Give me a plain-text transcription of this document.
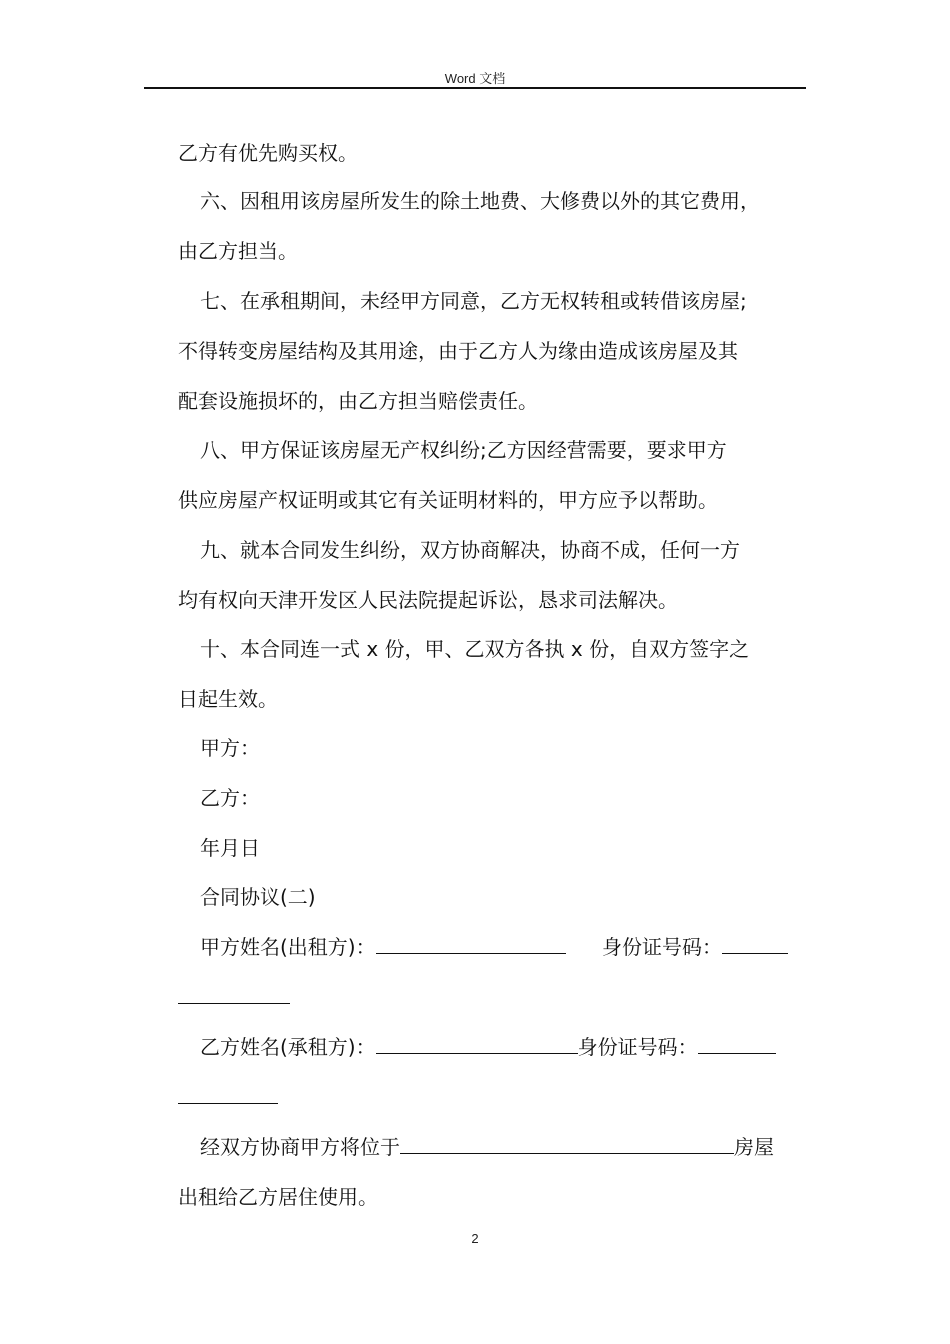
Word 文档
乙方有优先购买权。
六、因租用该房屋所发生的除土地费、大修费以外的其它费用，
由乙方担当。
七、在承租期间，未经甲方同意，乙方无权转租或转借该房屋;
不得转变房屋结构及其用途，由于乙方人为缘由造成该房屋及其
配套设施损坏的，由乙方担当赔偿责任。
八、甲方保证该房屋无产权纠纷;乙方因经营需要，要求甲方
供应房屋产权证明或其它有关证明材料的，甲方应予以帮助。
九、就本合同发生纠纷，双方协商解决，协商不成，任何一方
均有权向天津开发区人民法院提起诉讼，恳求司法解决。
十、本合同连一式 x 份，甲、乙双方各执 x 份，自双方签字之
日起生效。
甲方：
乙方：
年月日
合同协议(二)
甲方姓名(出租方)：	身份证号码：
乙方姓名(承租方)：	身份证号码：
经双方协商甲方将位于	房屋
出租给乙方居住使用。
2
